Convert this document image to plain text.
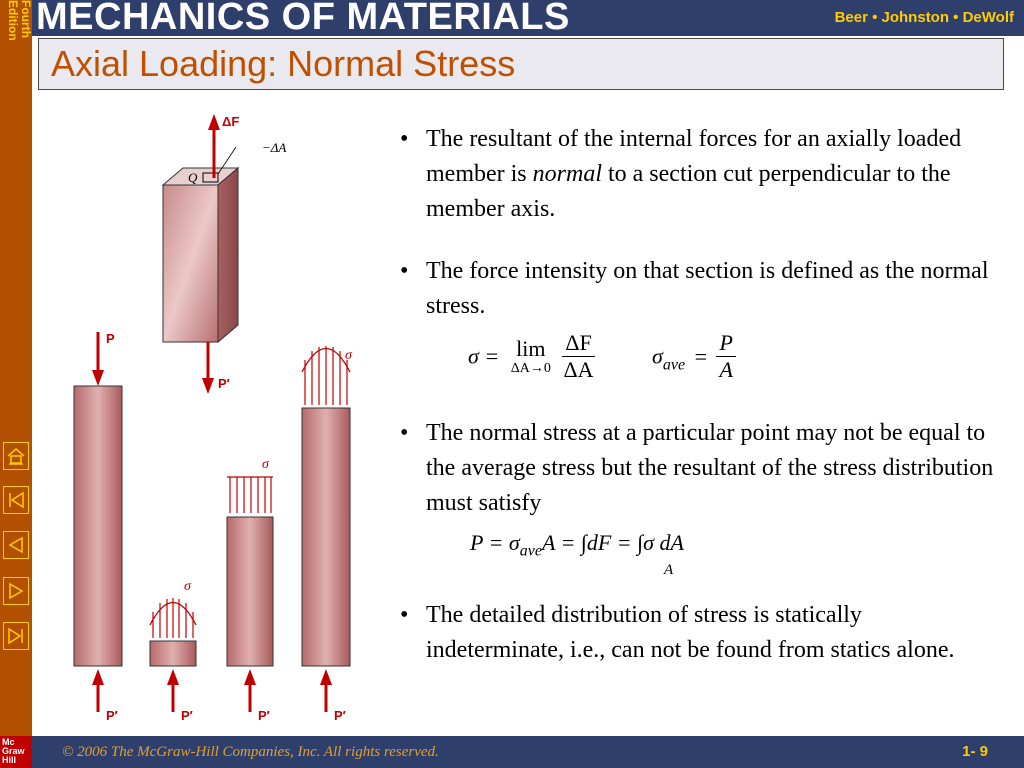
MECHANICS OF MATERIALS	Beer • Johnston • DeWolf
Fourth
Edition
Axial Loading: Normal Stress
ΔF
−ΔA
Q
P′
P
σ
σ
σ
P′	P′	P′	P′
• The resultant of the internal forces for an axially loaded member is normal to a section cut perpendicular to the member axis.
• The force intensity on that section is defined as the normal stress.
• The normal stress at a particular point may not be equal to the average stress but the resultant of the stress distribution must satisfy
• The detailed distribution of stress is statically indeterminate, i.e., can not be found from statics alone.
σ = lim
ΔA→0
$\frac{\Delta F}{\Delta A}$	$\sigma_{ave} = \frac{P}{A}$
$P = \sigma_{ave}A = \int dF = \int\sigma$ dA
A
Mc
Graw
Hill	© 2006 The McGraw-Hill Companies, Inc. All rights reserved.	1- 9
